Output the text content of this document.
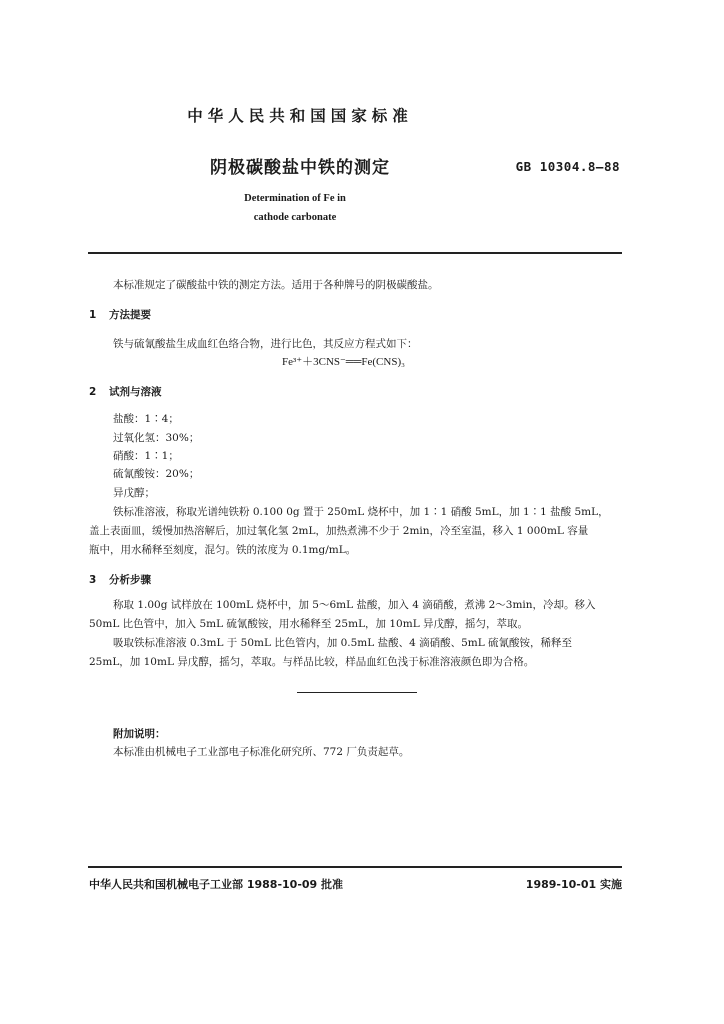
中华人民共和国国家标准
阴极碳酸盐中铁的测定	GB 10304.8—88
Determination of Fe in
cathode carbonate
本标准规定了碳酸盐中铁的测定方法。适用于各种牌号的阴极碳酸盐。
1 方法提要
铁与硫氰酸盐生成血红色络合物，进行比色，其反应方程式如下：
Fe³⁺＋3CNS⁻══Fe(CNS)₃
2 试剂与溶液
盐酸：1∶4；
过氧化氢：30%；
硝酸：1∶1；
硫氰酸铵：20%；
异戊醇；
铁标准溶液，称取光谱纯铁粉 0.100 0g 置于 250mL 烧杯中，加 1∶1 硝酸 5mL，加 1∶1 盐酸 5mL，
盖上表面皿，缓慢加热溶解后，加过氧化氢 2mL，加热煮沸不少于 2min，冷至室温，移入 1 000mL 容量
瓶中，用水稀释至刻度，混匀。铁的浓度为 0.1mg/mL。
3 分析步骤
称取 1.00g 试样放在 100mL 烧杯中，加 5～6mL 盐酸，加入 4 滴硝酸，煮沸 2～3min，冷却。移入
50mL 比色管中，加入 5mL 硫氰酸铵，用水稀释至 25mL，加 10mL 异戊醇，摇匀，萃取。
吸取铁标准溶液 0.3mL 于 50mL 比色管内，加 0.5mL 盐酸、4 滴硝酸、5mL 硫氰酸铵，稀释至
25mL，加 10mL 异戊醇，摇匀，萃取。与样品比较，样品血红色浅于标准溶液颜色即为合格。
附加说明：
本标准由机械电子工业部电子标准化研究所、772 厂负责起草。
中华人民共和国机械电子工业部 1988-10-09 批准	1989-10-01 实施
